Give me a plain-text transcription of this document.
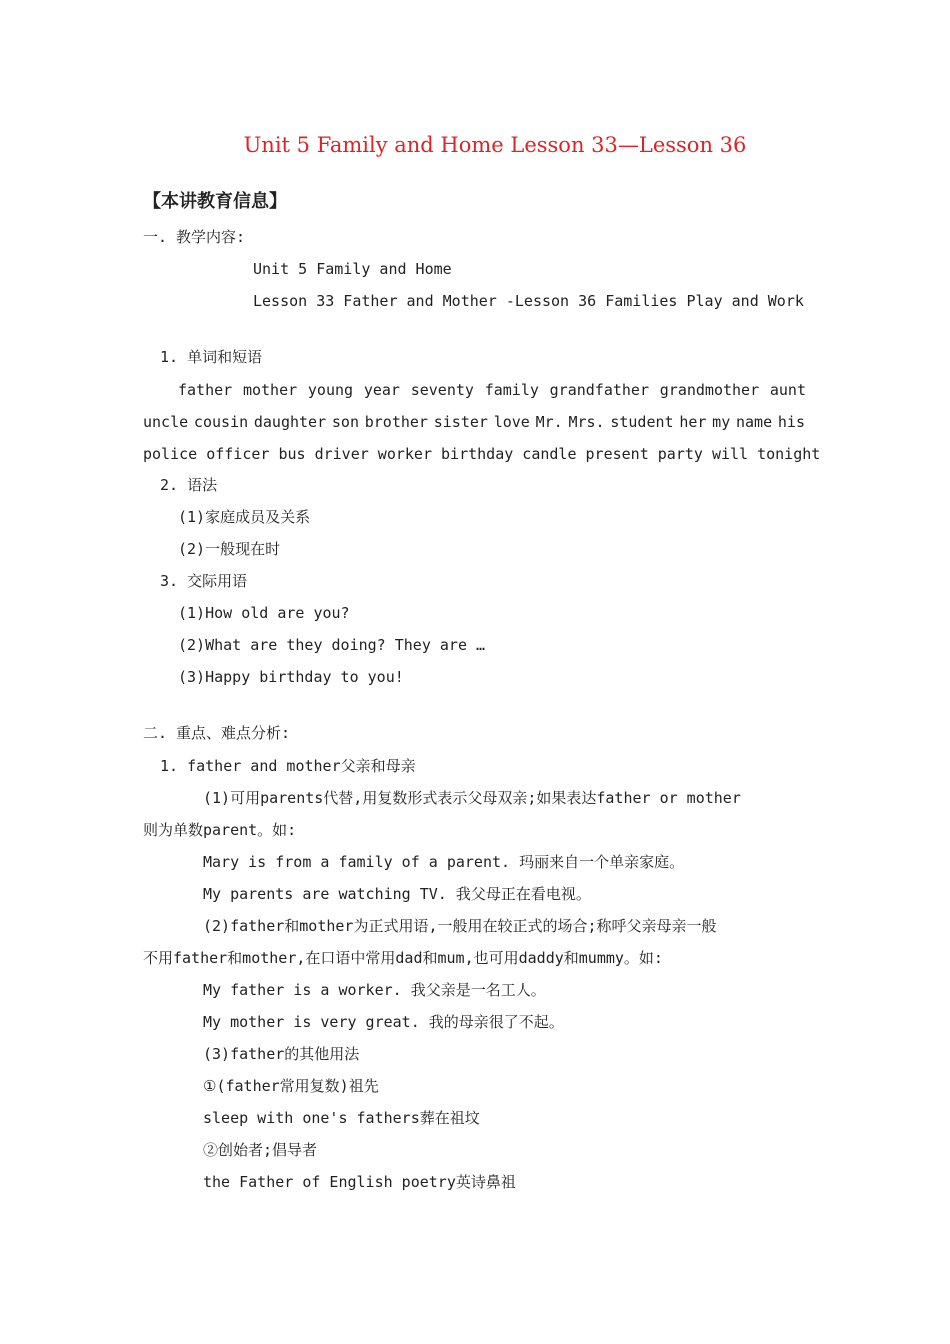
Unit 5 Family and Home Lesson 33—Lesson 36
【本讲教育信息】
一. 教学内容:
Unit 5 Family and Home
Lesson 33 Father and Mother -Lesson 36 Families Play and Work
1. 单词和短语
father mother young year seventy family grandfather grandmother aunt
uncle cousin daughter son brother sister love Mr. Mrs. student her my name his
police officer bus driver worker birthday candle present party will tonight
2. 语法
(1)家庭成员及关系
(2)一般现在时
3. 交际用语
(1)How old are you?
(2)What are they doing? They are …
(3)Happy birthday to you!
二. 重点、难点分析:
1. father and mother父亲和母亲
(1)可用parents代替,用复数形式表示父母双亲;如果表达father or mother
则为单数parent。如:
Mary is from a family of a parent. 玛丽来自一个单亲家庭。
My parents are watching TV. 我父母正在看电视。
(2)father和mother为正式用语,一般用在较正式的场合;称呼父亲母亲一般
不用father和mother,在口语中常用dad和mum,也可用daddy和mummy。如:
My father is a worker. 我父亲是一名工人。
My mother is very great. 我的母亲很了不起。
(3)father的其他用法
①(father常用复数)祖先
sleep with one's fathers葬在祖坟
②创始者;倡导者
the Father of English poetry英诗鼻祖
